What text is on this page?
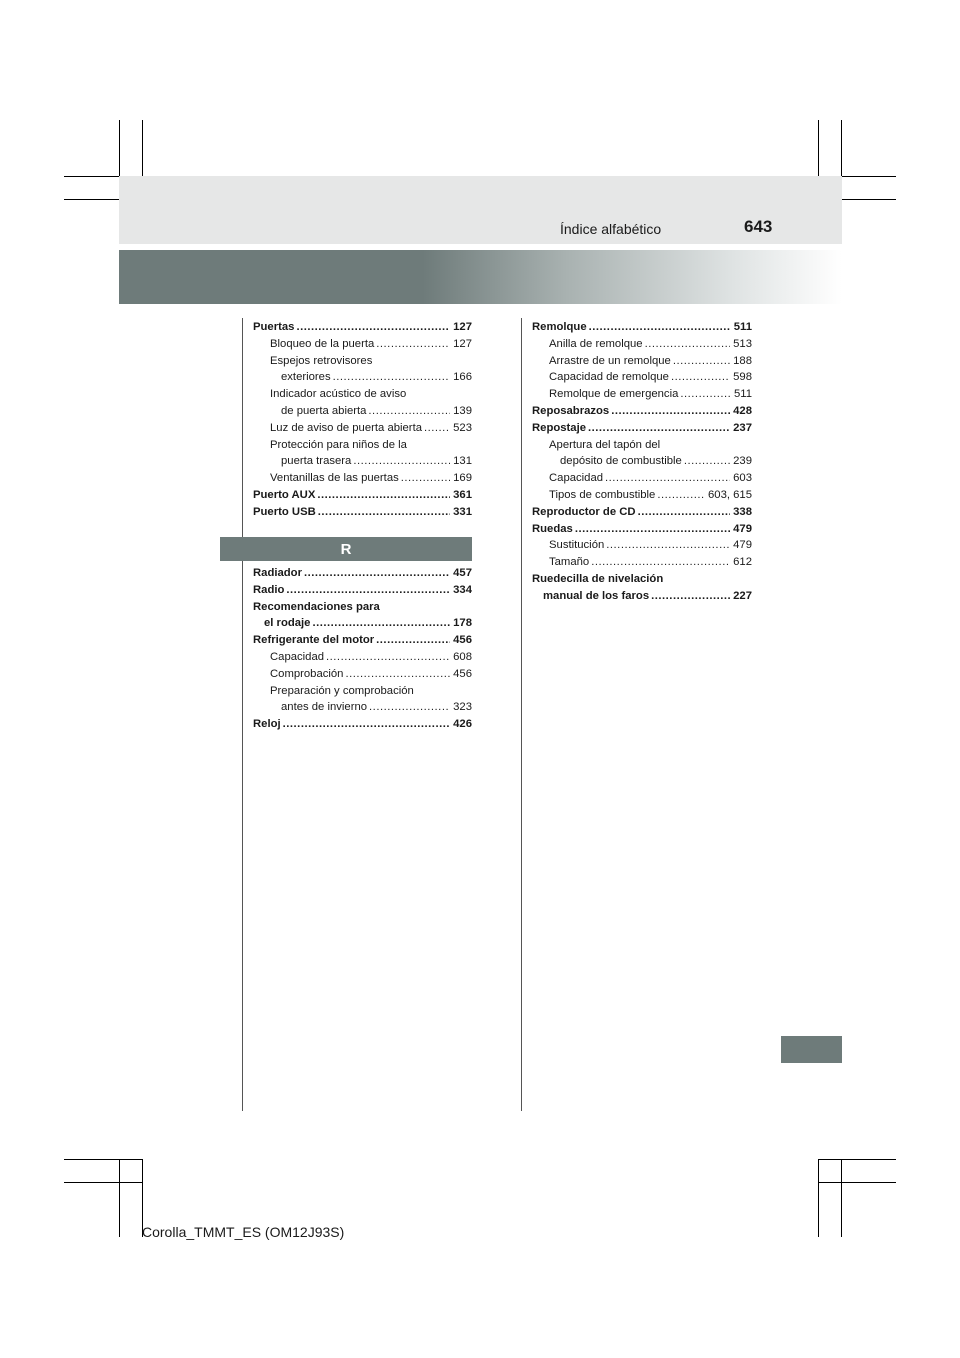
Índice alfabético	643
Puertas .....	127
Bloqueo de la puerta .....	127
Espejos retrovisores
exteriores .....	166
Indicador acústico de aviso
de puerta abierta .....	139
Luz de aviso de puerta abierta .....	523
Protección para niños de la
puerta trasera .....	131
Ventanillas de las puertas .....	169
Puerto AUX .....	361
Puerto USB .....	331
R
Radiador .....	457
Radio .....	334
Recomendaciones para
el rodaje .....	178
Refrigerante del motor .....	456
Capacidad .....	608
Comprobación .....	456
Preparación y comprobación
antes de invierno .....	323
Reloj .....	426
Remolque .....	511
Anilla de remolque .....	513
Arrastre de un remolque .....	188
Capacidad de remolque .....	598
Remolque de emergencia .....	511
Reposabrazos .....	428
Repostaje .....	237
Apertura del tapón del
depósito de combustible .....	239
Capacidad .....	603
Tipos de combustible .....	603, 615
Reproductor de CD .....	338
Ruedas .....	479
Sustitución .....	479
Tamaño .....	612
Ruedecilla de nivelación
manual de los faros .....	227
Corolla_TMMT_ES (OM12J93S)
